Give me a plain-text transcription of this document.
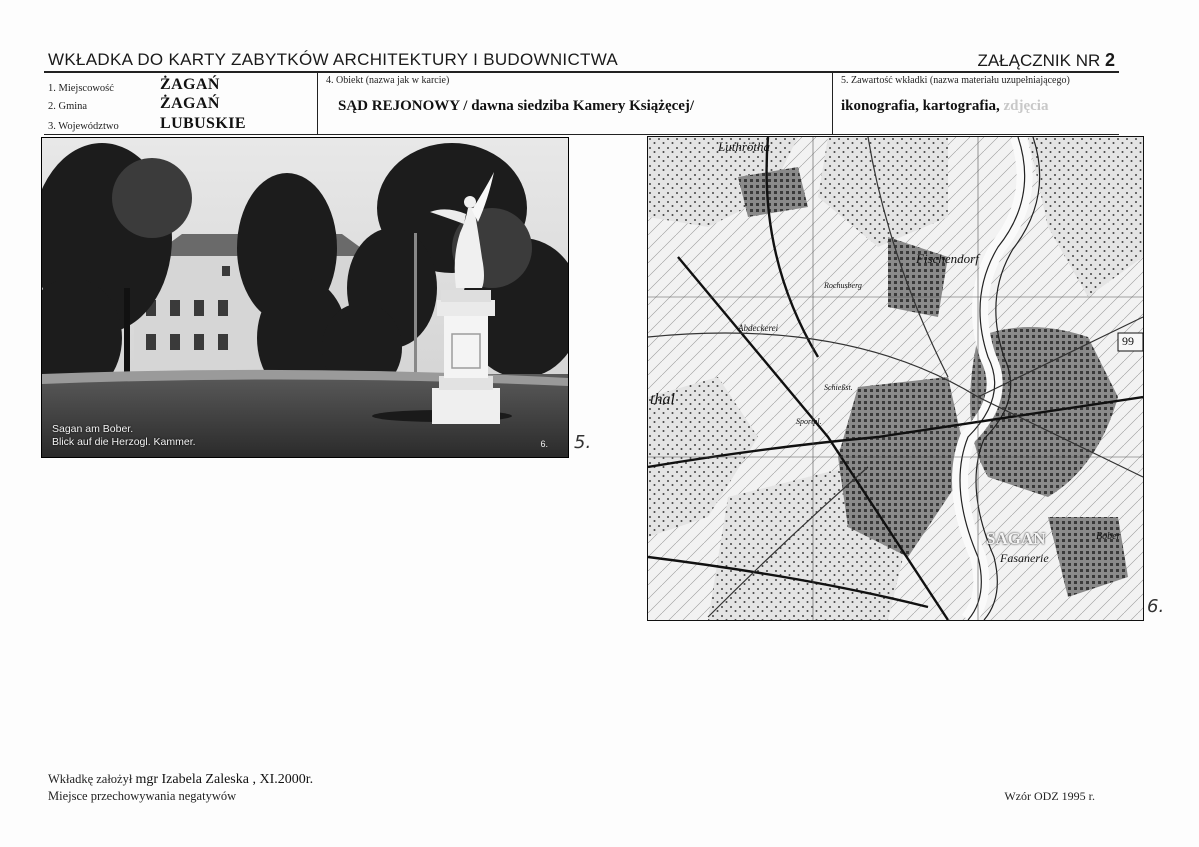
WKŁADKA DO KARTY ZABYTKÓW ARCHITEKTURY I BUDOWNICTWA	ZAŁĄCZNIK NR 2
1. Miejscowość	ŻAGAŃ
2. Gmina	ŻAGAŃ
3. Województwo	LUBUSKIE
4. Obiekt (nazwa jak w karcie)
SĄD REJONOWY / dawna siedziba Kamery Książęcej/
5. Zawartość wkładki (nazwa materiału uzupełniającego)
ikonografia, kartografia, zdjęcia
Sagan am Bober.
Blick auf die Herzogl. Kammer.	6. 5.
Luthrötha
Fischendorf
Rochusberg
Abdeckerei
thal
Schießst.
Sportpl.
SAGAN
Fasanerie
Bober
99
6.
Wkładkę założył mgr Izabela Zaleska , XI.2000r.
Miejsce przechowywania negatywów	Wzór ODZ 1995 r.
